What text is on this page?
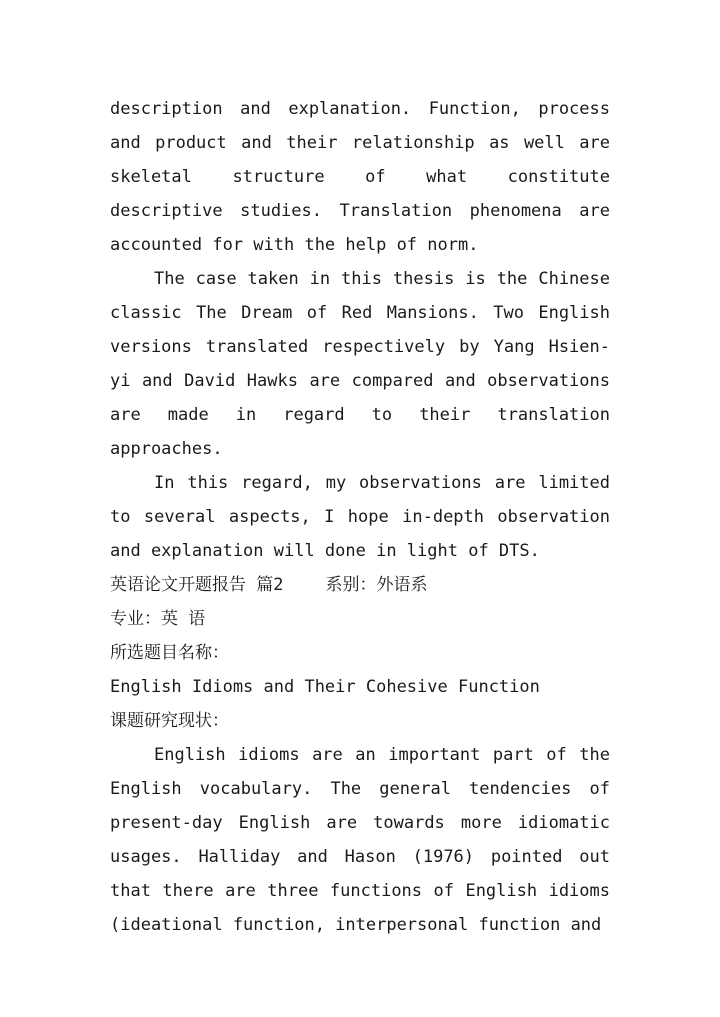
description and explanation. Function, process and product and their relationship as well are skeletal structure of what constitute descriptive studies. Translation phenomena are accounted for with the help of norm.

The case taken in this thesis is the Chinese classic The Dream of Red Mansions. Two English versions translated respectively by Yang Hsien-yi and David Hawks are compared and observations are made in regard to their translation approaches.

In this regard, my observations are limited to several aspects, I hope in-depth observation and explanation will done in light of DTS.

英语论文开题报告 篇2 系别：外语系

专业：英 语

所选题目名称：

English Idioms and Their Cohesive Function

课题研究现状：

English idioms are an important part of the English vocabulary. The general tendencies of present-day English are towards more idiomatic usages. Halliday and Hason (1976) pointed out that there are three functions of English idioms (ideational function, interpersonal function and
